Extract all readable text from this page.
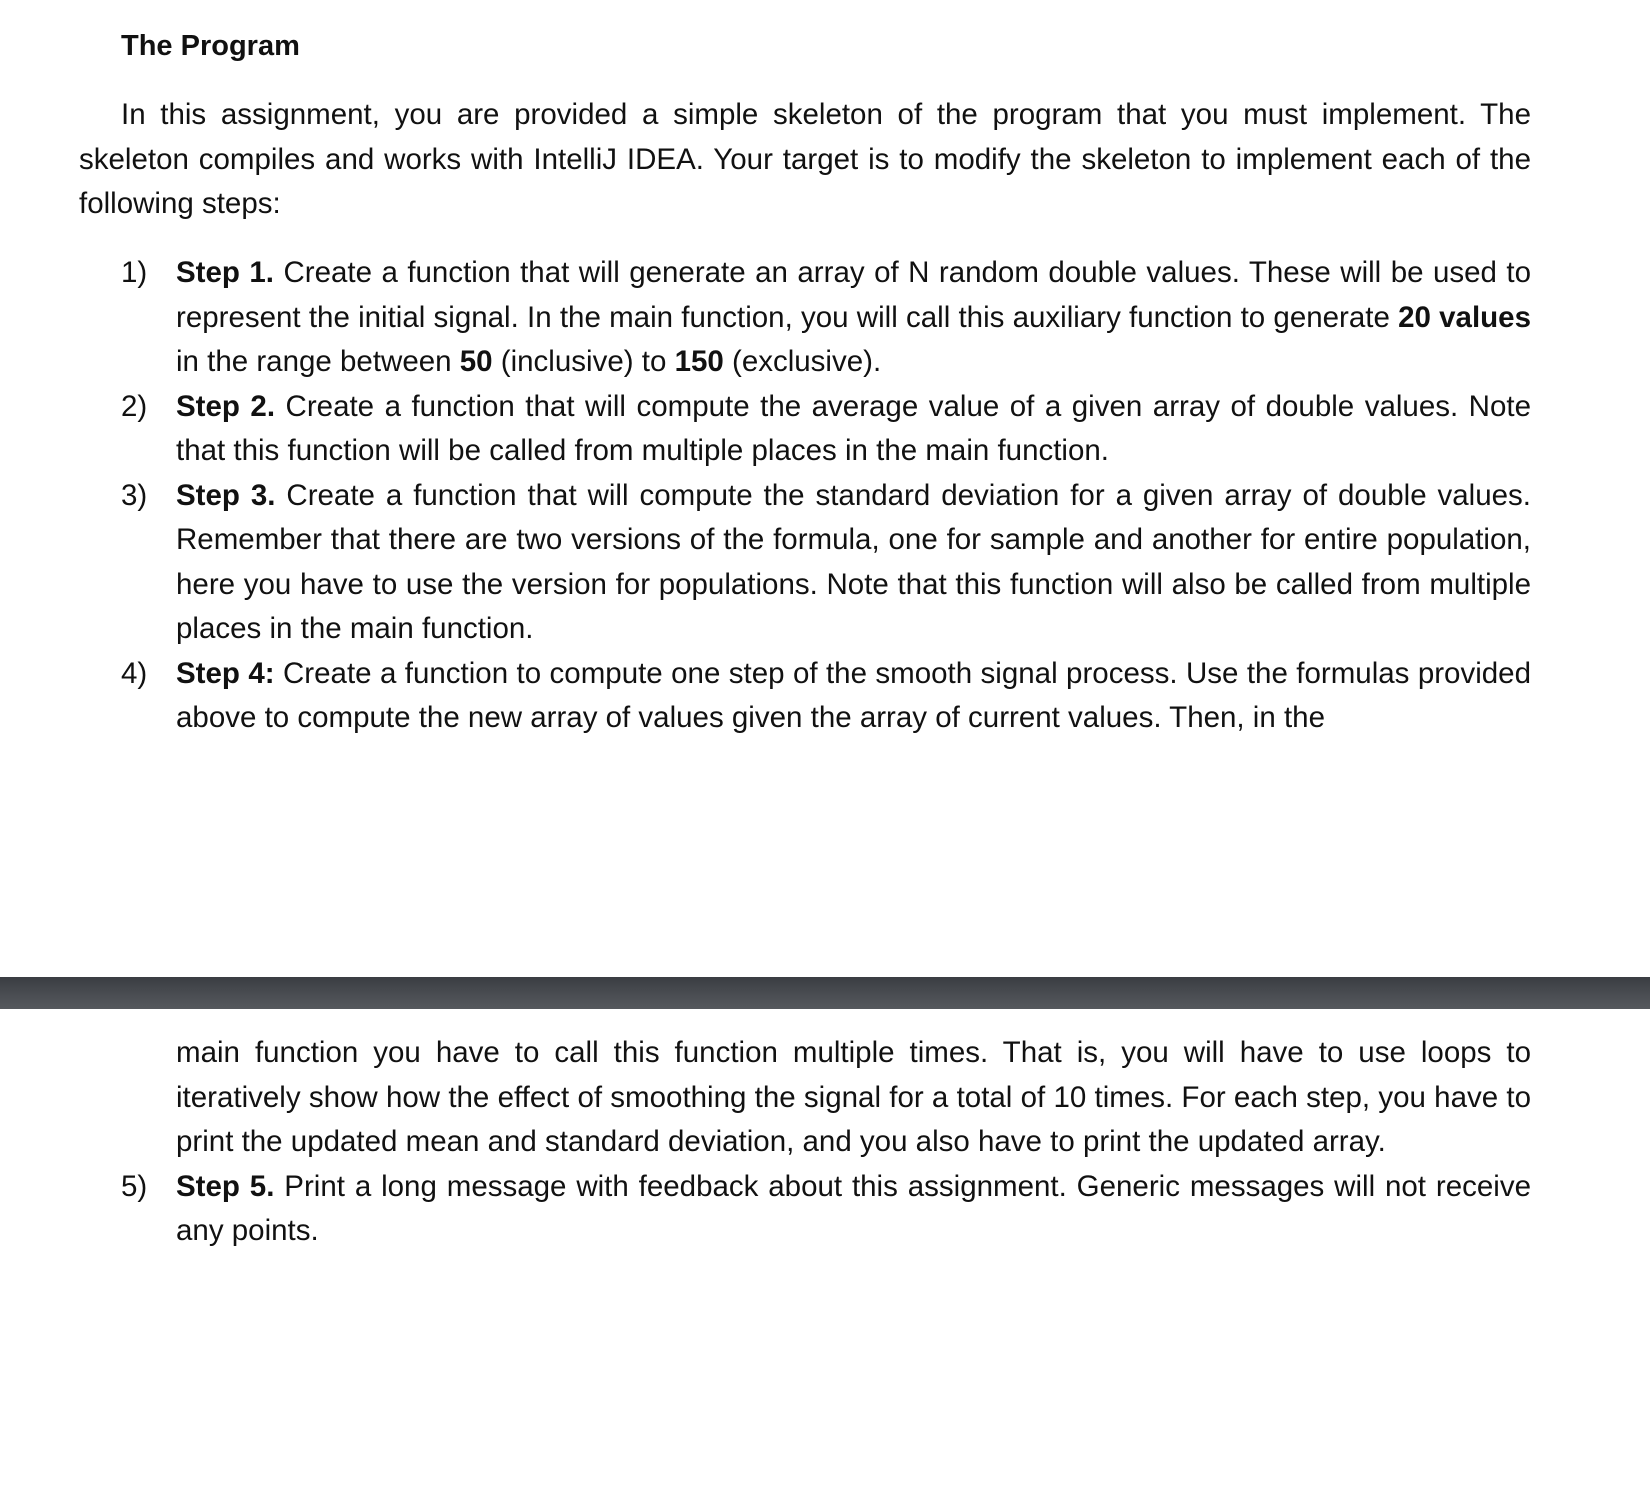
The Program

In this assignment, you are provided a simple skeleton of the program that you must implement. The skeleton compiles and works with IntelliJ IDEA. Your target is to modify the skeleton to implement each of the following steps:

1) Step 1. Create a function that will generate an array of N random double values. These will be used to represent the initial signal. In the main function, you will call this auxiliary function to generate 20 values in the range between 50 (inclusive) to 150 (exclusive).
2) Step 2. Create a function that will compute the average value of a given array of double values. Note that this function will be called from multiple places in the main function.
3) Step 3. Create a function that will compute the standard deviation for a given array of double values. Remember that there are two versions of the formula, one for sample and another for entire population, here you have to use the version for populations. Note that this function will also be called from multiple places in the main function.
4) Step 4: Create a function to compute one step of the smooth signal process. Use the formulas provided above to compute the new array of values given the array of current values. Then, in the
main function you have to call this function multiple times. That is, you will have to use loops to iteratively show how the effect of smoothing the signal for a total of 10 times. For each step, you have to print the updated mean and standard deviation, and you also have to print the updated array.
5) Step 5. Print a long message with feedback about this assignment. Generic messages will not receive any points.
